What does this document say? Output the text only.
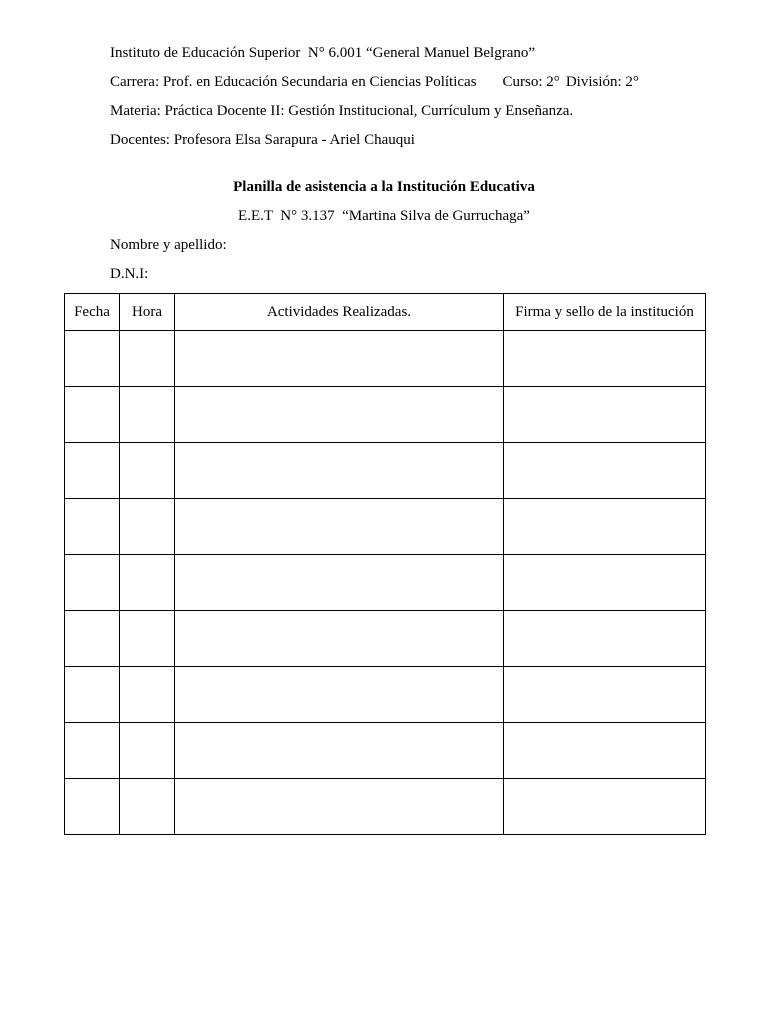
Instituto de Educación Superior  N° 6.001 “General Manuel Belgrano”
Carrera: Prof. en Educación Secundaria en Ciencias Políticas Curso: 2° División: 2°
Materia: Práctica Docente II: Gestión Institucional, Currículum y Enseñanza.
Docentes: Profesora Elsa Sarapura - Ariel Chauqui
Planilla de asistencia a la Institución Educativa
E.E.T  N° 3.137  “Martina Silva de Gurruchaga”
Nombre y apellido:
D.N.I:
Fecha	Hora	Actividades Realizadas.	Firma y sello de la institución
